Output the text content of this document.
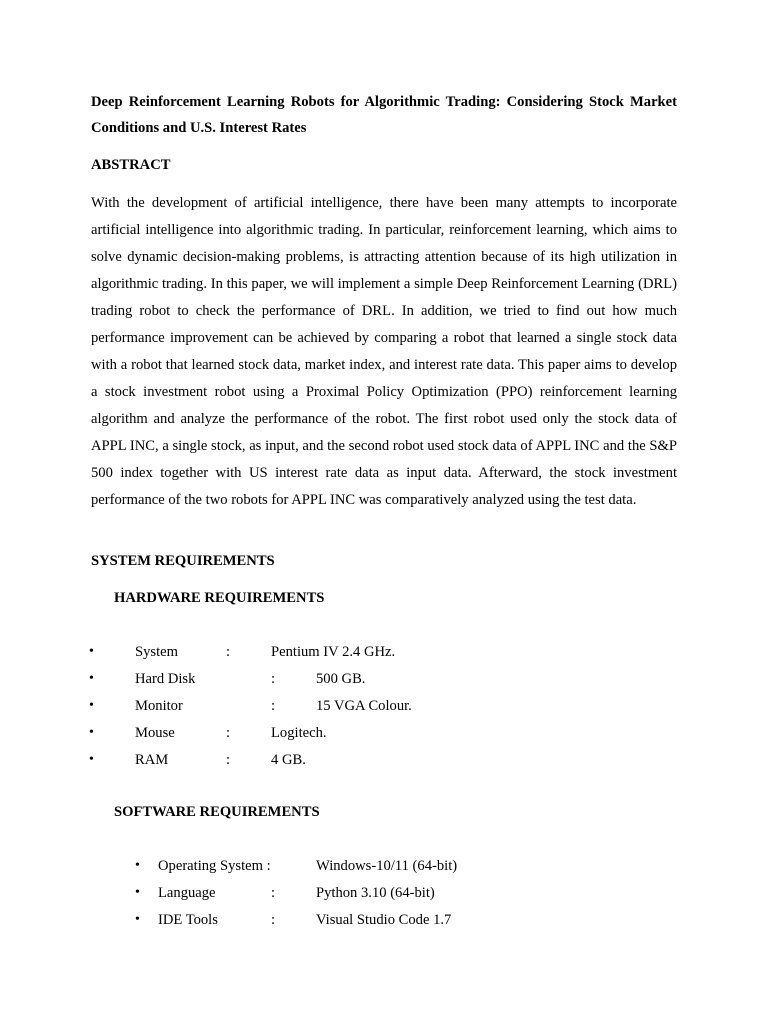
Deep Reinforcement Learning Robots for Algorithmic Trading: Considering Stock Market Conditions and U.S. Interest Rates
ABSTRACT

With the development of artificial intelligence, there have been many attempts to incorporate artificial intelligence into algorithmic trading. In particular, reinforcement learning, which aims to solve dynamic decision-making problems, is attracting attention because of its high utilization in algorithmic trading. In this paper, we will implement a simple Deep Reinforcement Learning (DRL) trading robot to check the performance of DRL. In addition, we tried to find out how much performance improvement can be achieved by comparing a robot that learned a single stock data with a robot that learned stock data, market index, and interest rate data. This paper aims to develop a stock investment robot using a Proximal Policy Optimization (PPO) reinforcement learning algorithm and analyze the performance of the robot. The first robot used only the stock data of APPL INC, a single stock, as input, and the second robot used stock data of APPL INC and the S&P 500 index together with US interest rate data as input data. Afterward, the stock investment performance of the two robots for APPL INC was comparatively analyzed using the test data.

SYSTEM REQUIREMENTS
HARDWARE REQUIREMENTS
•	System	:	Pentium IV 2.4 GHz.
•	Hard Disk	:	500 GB.
•	Monitor	:	15 VGA Colour.
•	Mouse	:	Logitech.
•	RAM	:	4 GB.
SOFTWARE REQUIREMENTS
• Operating System :	Windows-10/11 (64-bit)
• Language	:	Python 3.10 (64-bit)
• IDE Tools	:	Visual Studio Code 1.7
